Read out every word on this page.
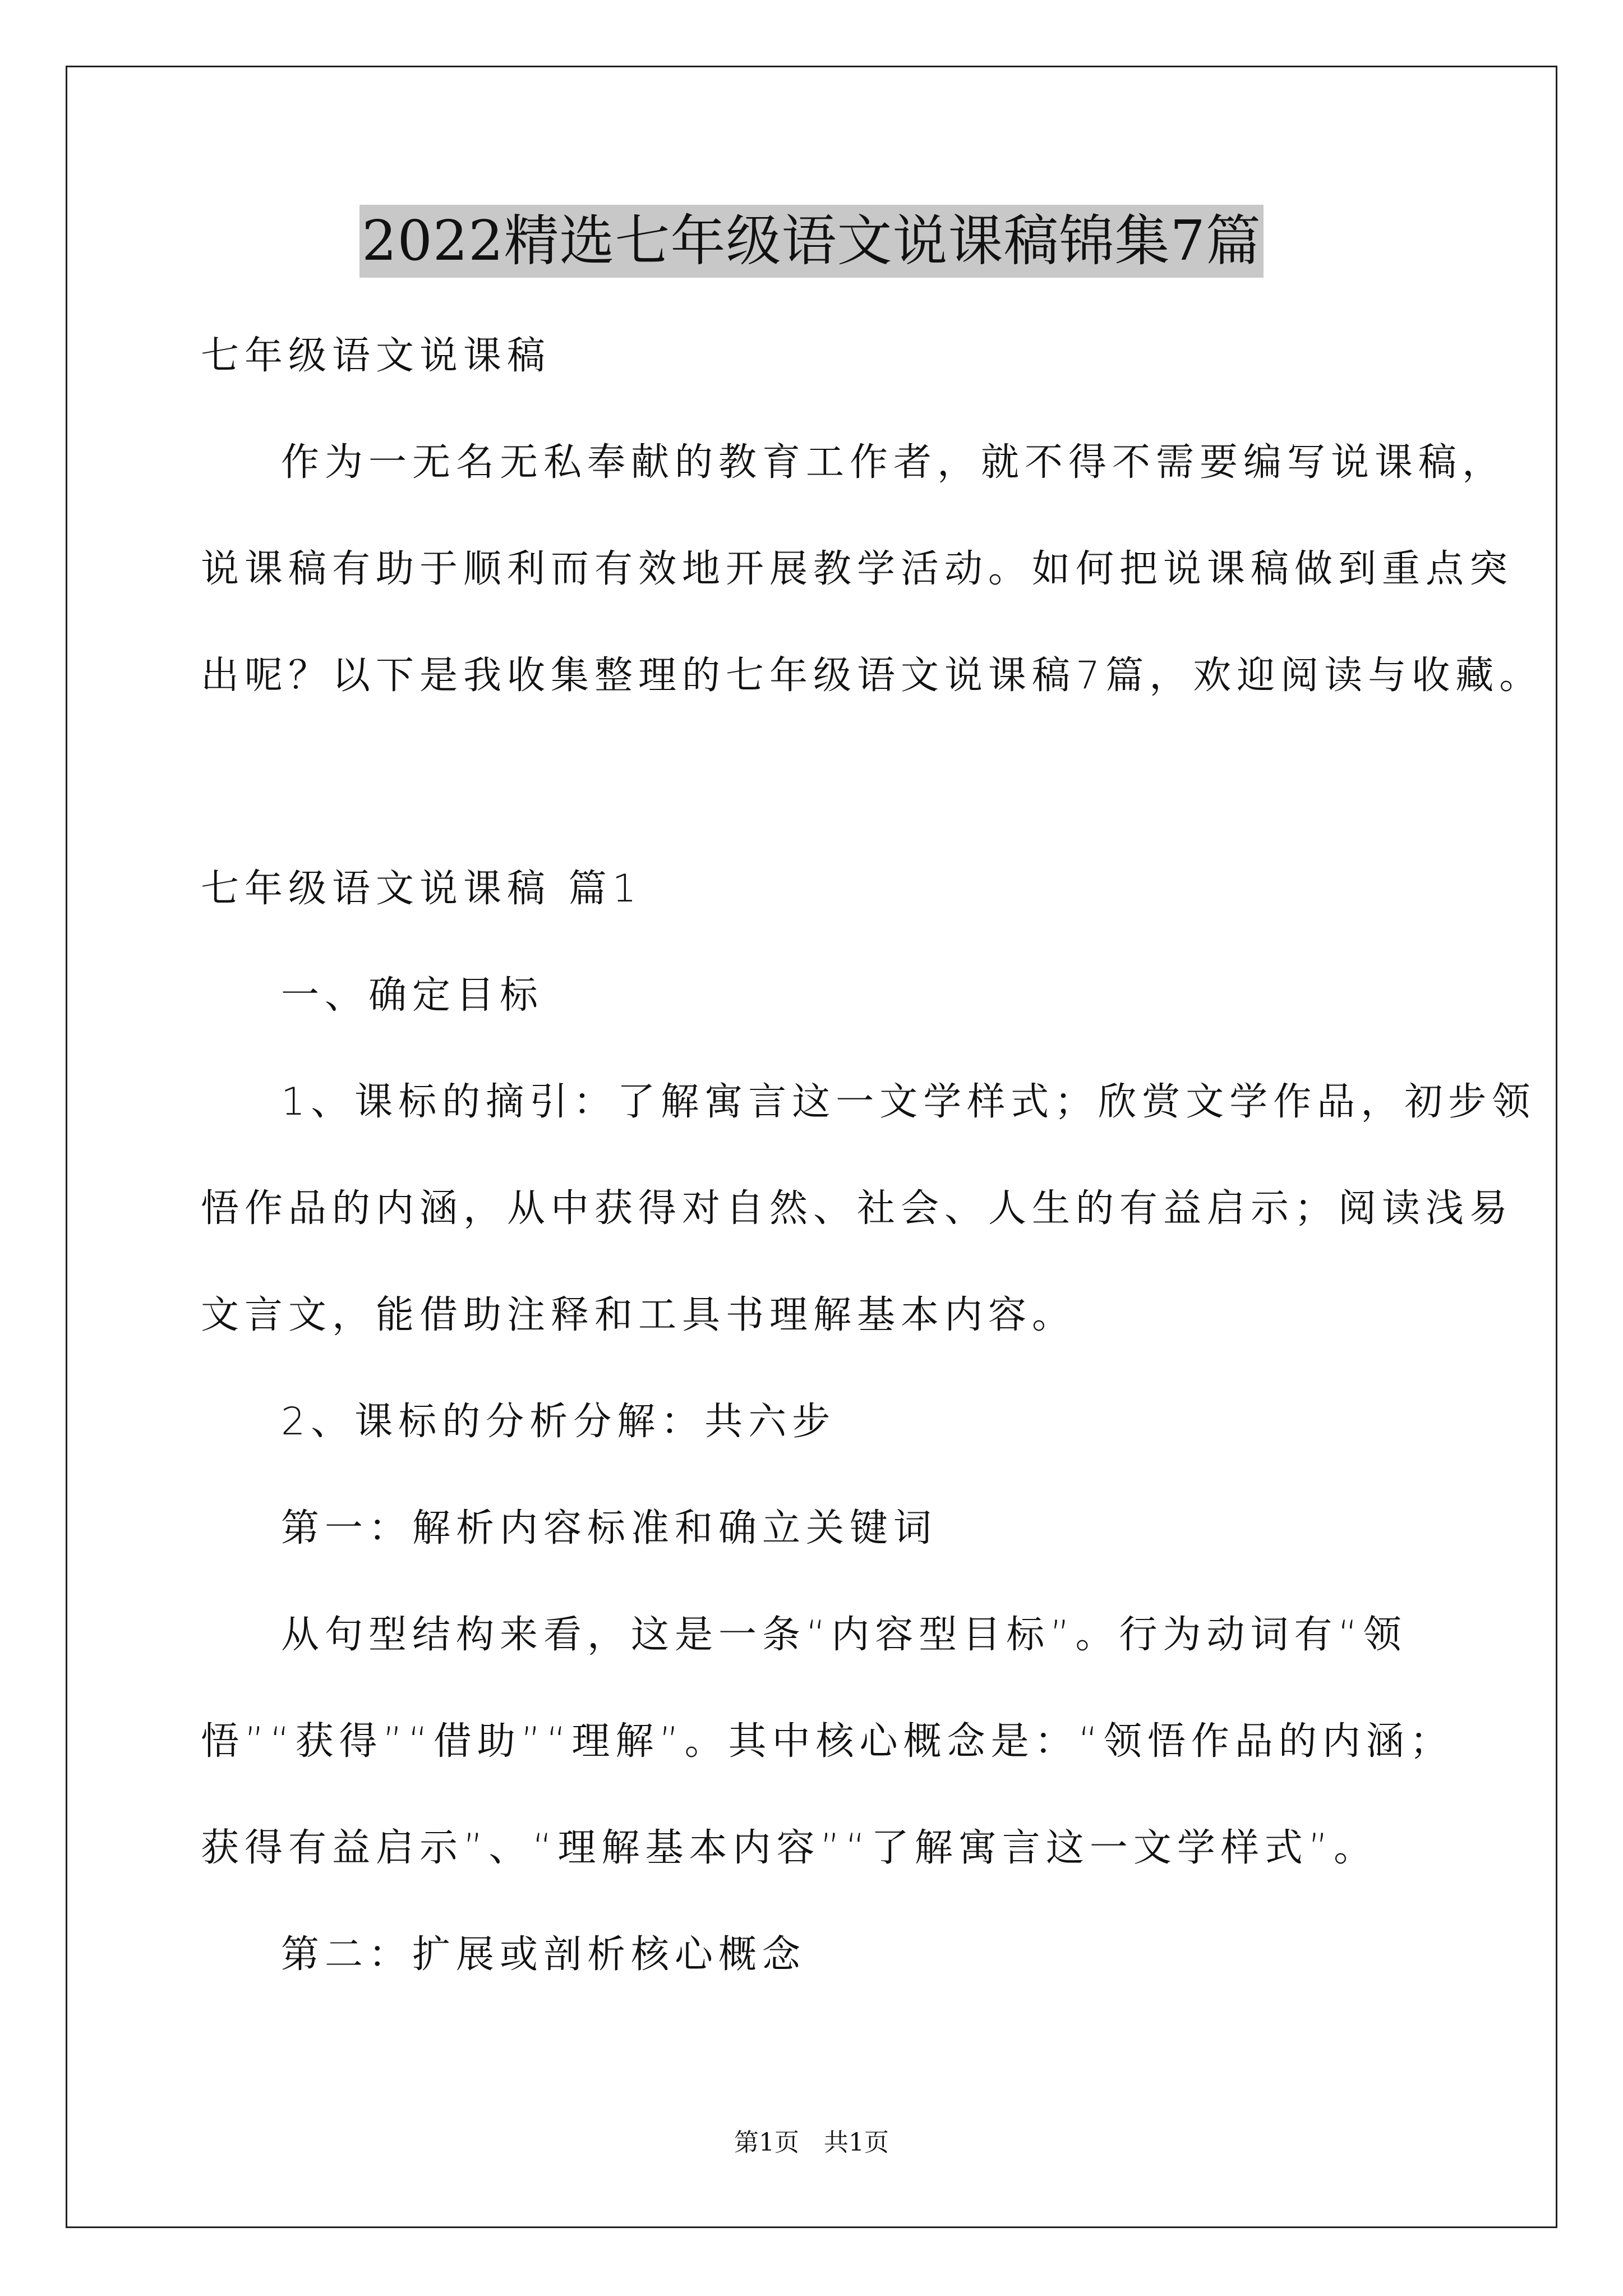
2022精选七年级语文说课稿锦集7篇
七年级语文说课稿
作为一无名无私奉献的教育工作者，就不得不需要编写说课稿，
说课稿有助于顺利而有效地开展教学活动。如何把说课稿做到重点突
出呢？以下是我收集整理的七年级语文说课稿7篇，欢迎阅读与收藏。
七年级语文说课稿 篇1
一、确定目标
1、课标的摘引：了解寓言这一文学样式；欣赏文学作品，初步领
悟作品的内涵，从中获得对自然、社会、人生的有益启示；阅读浅易
文言文，能借助注释和工具书理解基本内容。
2、课标的分析分解：共六步
第一：解析内容标准和确立关键词
从句型结构来看，这是一条“内容型目标”。行为动词有“领
悟”“获得”“借助”“理解”。其中核心概念是：“领悟作品的内涵；
获得有益启示”、“理解基本内容”“了解寓言这一文学样式”。
第二：扩展或剖析核心概念
第1页　共1页
